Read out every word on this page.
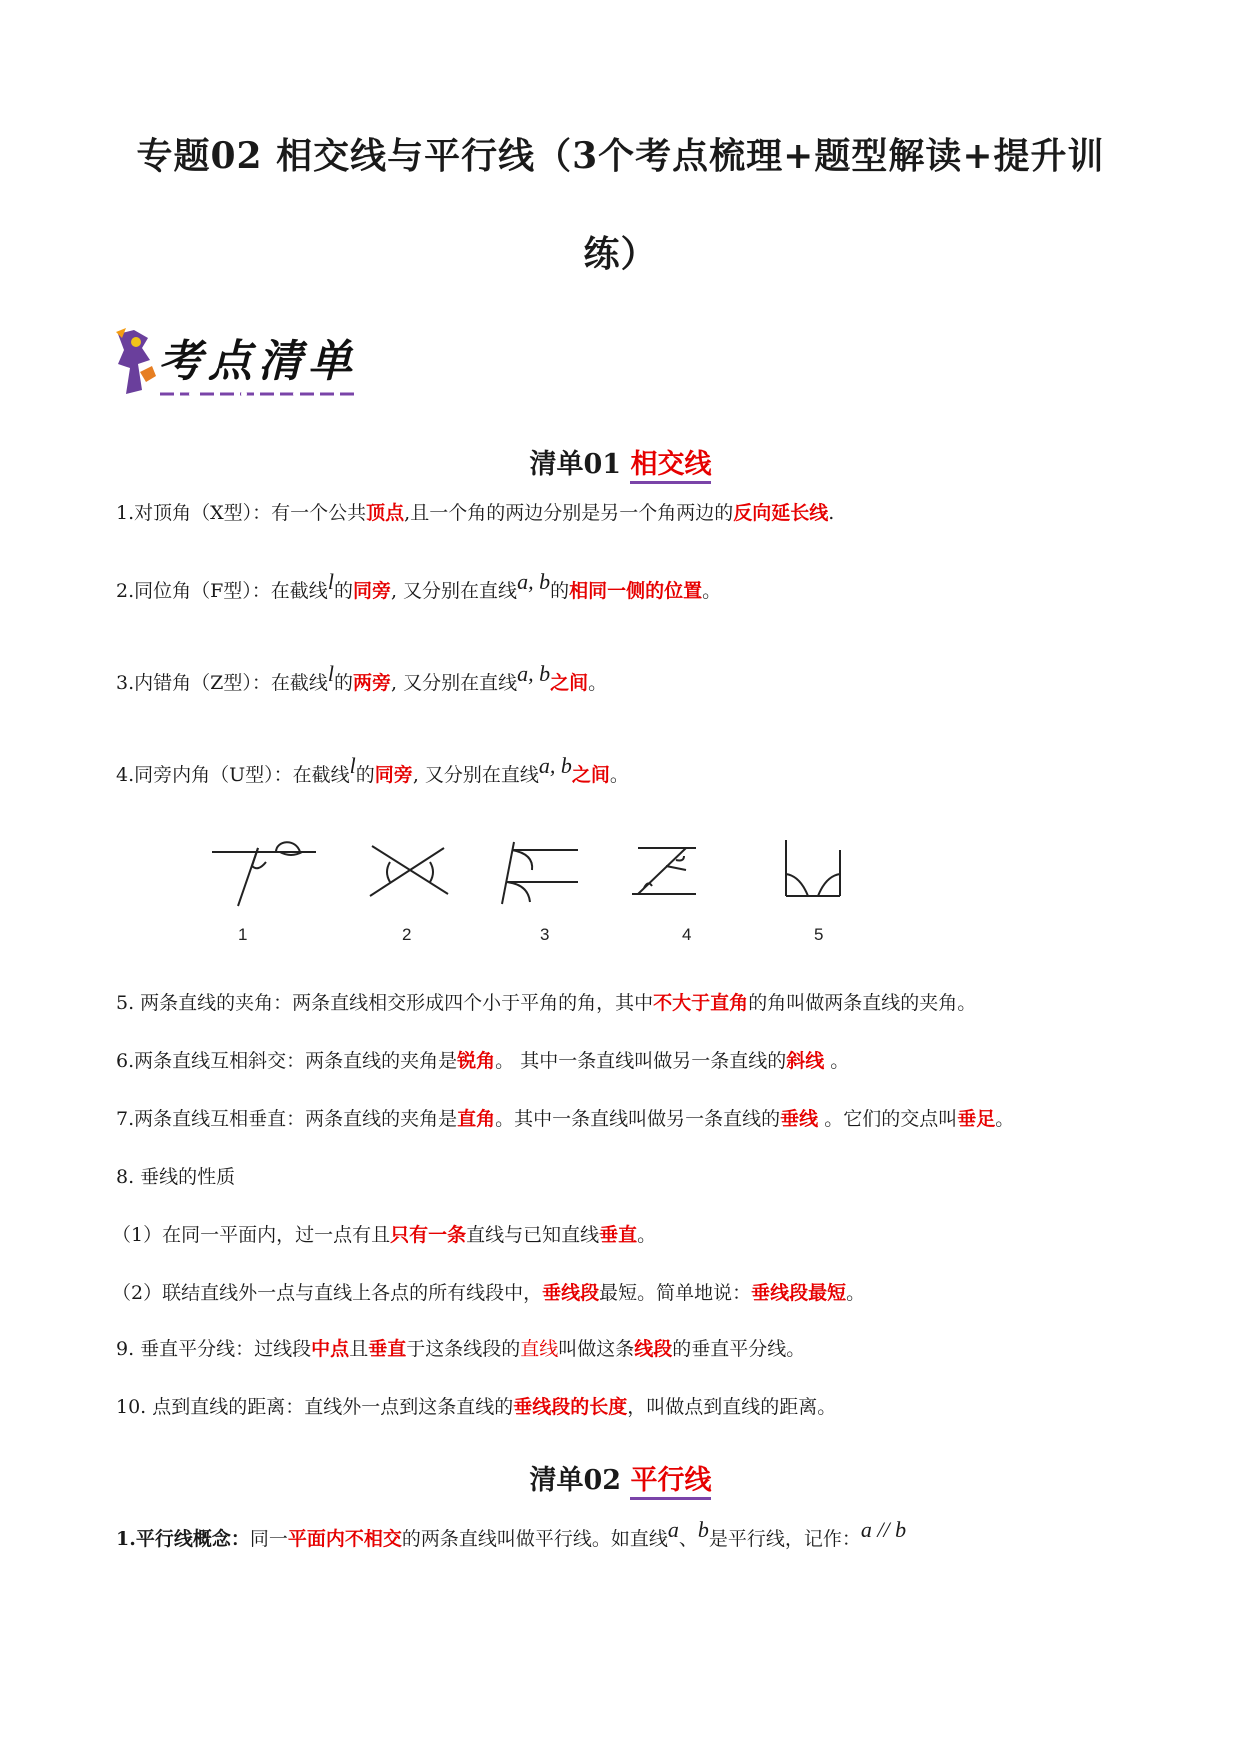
专题02 相交线与平行线（3个考点梳理+题型解读+提升训
练）
考点清单
清单01 相交线
1.对顶角（X型）：有一个公共顶点,且一个角的两边分别是另一个角两边的反向延长线.
2.同位角（F型）：在截线l的同旁, 又分别在直线a, b的相同一侧的位置。
3.内错角（Z型）：在截线l的两旁, 又分别在直线a, b之间。
4.同旁内角（U型）：在截线l的同旁, 又分别在直线a, b之间。
1	2	3	4	5
5. 两条直线的夹角：两条直线相交形成四个小于平角的角，其中不大于直角的角叫做两条直线的夹角。
6.两条直线互相斜交：两条直线的夹角是锐角。 其中一条直线叫做另一条直线的斜线 。
7.两条直线互相垂直：两条直线的夹角是直角。其中一条直线叫做另一条直线的垂线 。它们的交点叫垂足。
8. 垂线的性质
（1）在同一平面内，过一点有且只有一条直线与已知直线垂直。
（2）联结直线外一点与直线上各点的所有线段中，垂线段最短。简单地说：垂线段最短。
9. 垂直平分线：过线段中点且垂直于这条线段的直线叫做这条线段的垂直平分线。
10. 点到直线的距离：直线外一点到这条直线的垂线段的长度，叫做点到直线的距离。
清单02 平行线
1.平行线概念：同一平面内不相交的两条直线叫做平行线。如直线a、b是平行线，记作：a // b
